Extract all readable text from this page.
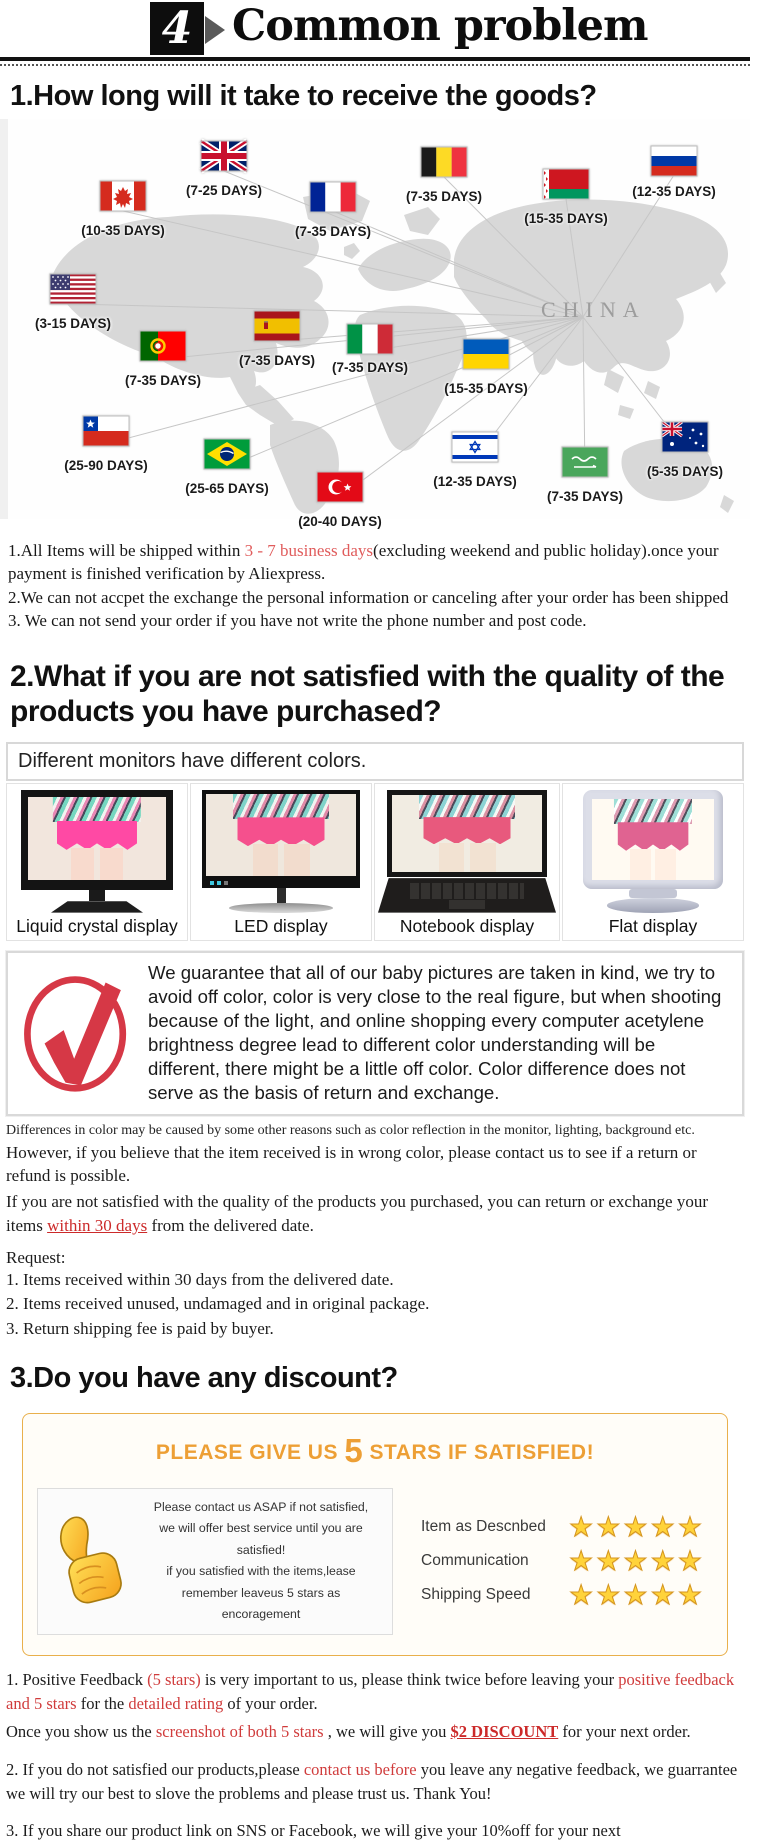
4 Common problem
1.How long will it take to receive the goods?
CHINA
(10-35 DAYS)
(7-25 DAYS)
(7-35 DAYS)
(7-35 DAYS)
(15-35 DAYS)
(12-35 DAYS)
(3-15 DAYS)
(7-35 DAYS)
(7-35 DAYS) (7-35 DAYS)
(15-35 DAYS)
(25-90 DAYS)
(25-65 DAYS)
(20-40 DAYS)
(12-35 DAYS)
(7-35 DAYS)
(5-35 DAYS)

1.All Items will be shipped within 3 - 7 business days(excluding weekend and public holiday).once your payment is finished verification by Aliexpress.

2.We can not accpet the exchange the personal information or canceling after your order has been shipped

3. We can not send your order if you have not write the phone number and post code.

2.What if you are not satisfied with the quality of the products you have purchased?
Different monitors have different colors.
Liquid crystal display	LED display	Notebook display	Flat display
We guarantee that all of our baby pictures are taken in kind, we try to avoid off color, color is very close to the real figure, but when shooting because of the light, and online shopping every computer acetylene brightness degree lead to different color understanding will be different, there might be a little off color. Color difference does not serve as the basis of return and exchange.
Differences in color may be caused by some other reasons such as color reflection in the monitor, lighting, background etc.
However, if you believe that the item received is in wrong color, please contact us to see if a return or refund is possible.
If you are not satisfied with the quality of the products you purchased, you can return or exchange your items within 30 days from the delivered date.
Request:
1. Items received within 30 days from the delivered date.
2. Items received unused, undamaged and in original package.
3. Return shipping fee is paid by buyer.
3.Do you have any discount?
PLEASE GIVE US 5 STARS IF SATISFIED!
Please contact us ASAP if not satisfied,
we will offer best service until you are
satisfied!
if you satisfied with the items,lease
remember leaveus 5 stars as
encoragement
Item as Descnbed ★★★★★
Communication	★★★★★
Shipping Speed	★★★★★

1. Positive Feedback (5 stars) is very important to us, please think twice before leaving your positive feedback and 5 stars for the detailed rating of your order.

Once you show us the screenshot of both 5 stars , we will give you $2 DISCOUNT for your next order.

2. If you do not satisfied our products,please contact us before you leave any negative feedback, we guarrantee we will try our best to slove the problems and please trust us. Thank You!

3. If you share our product link on SNS or Facebook, we will give your 10%off for your next
